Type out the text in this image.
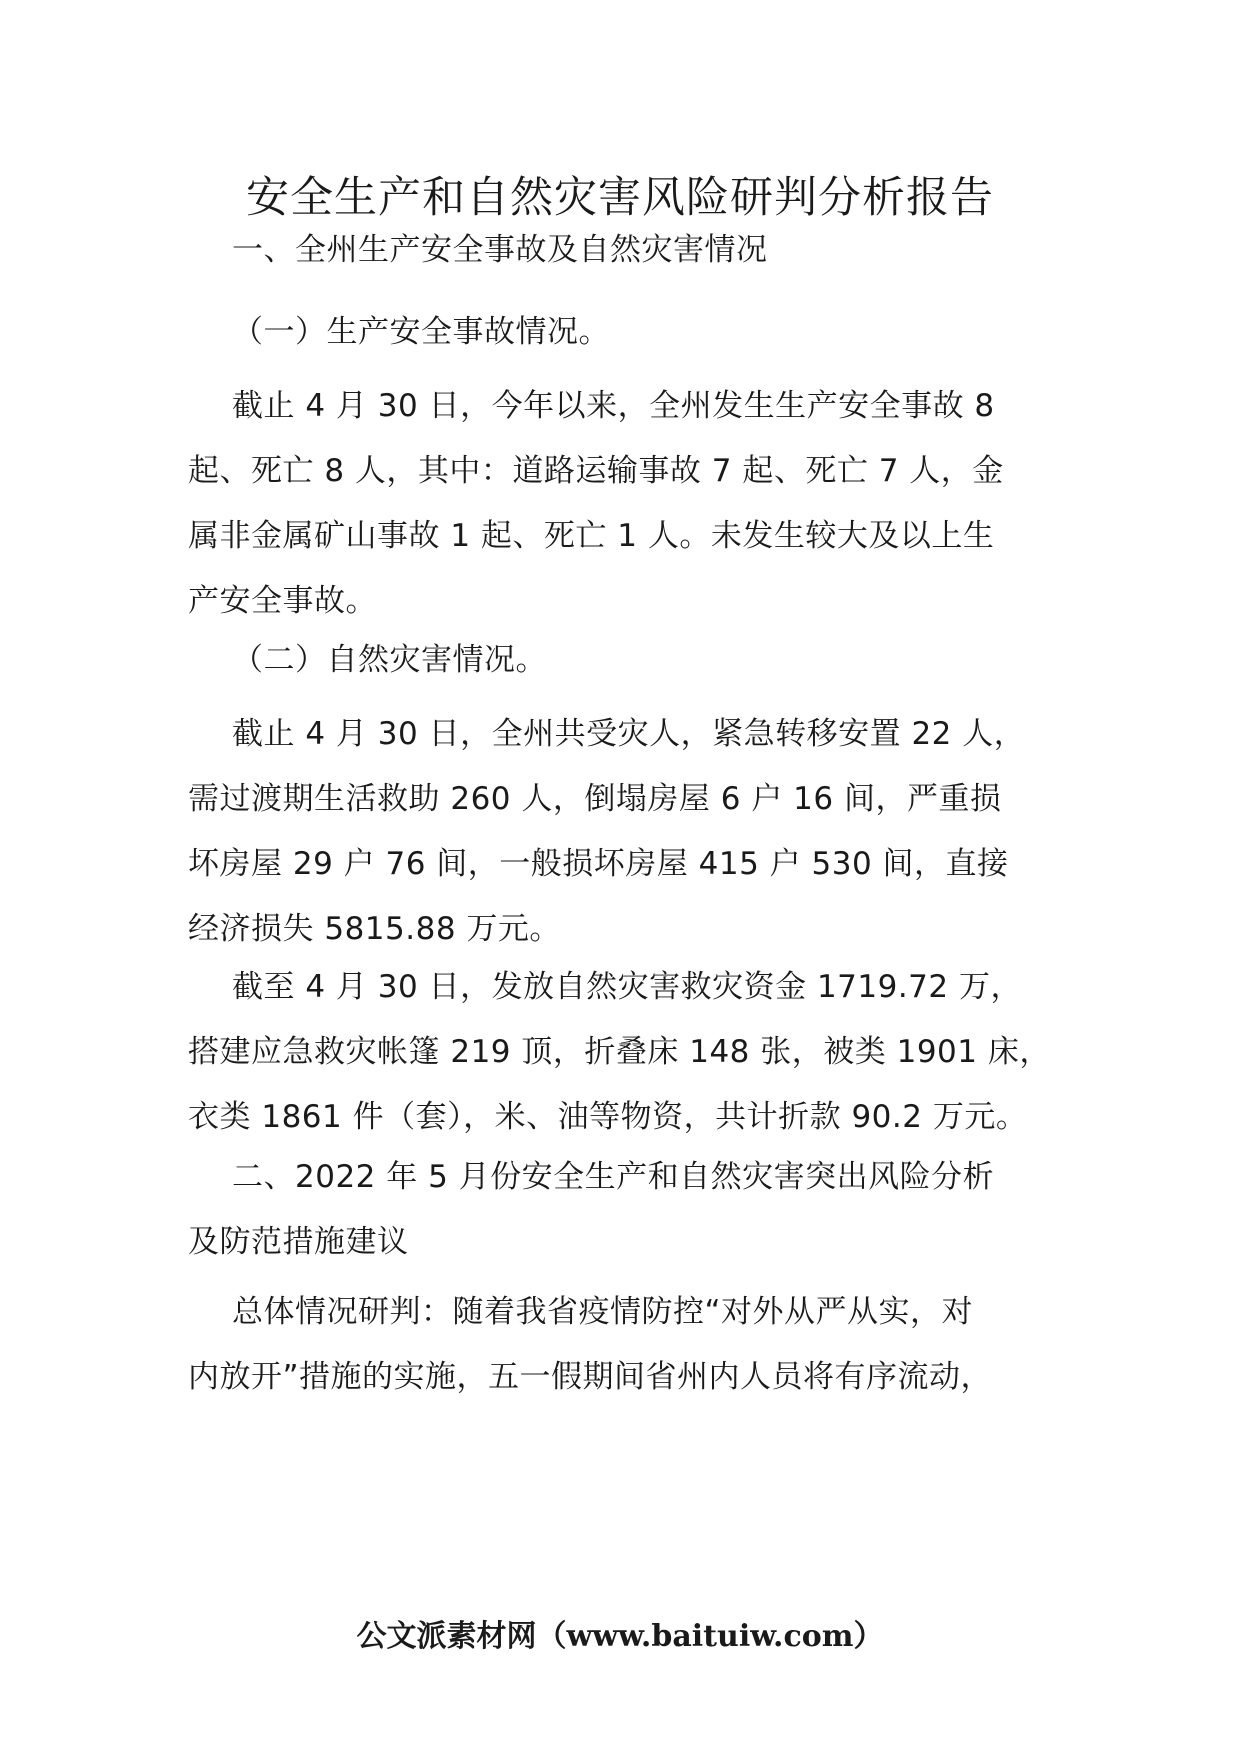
安全生产和自然灾害风险研判分析报告
一、全州生产安全事故及自然灾害情况
（一）生产安全事故情况。
截止 4 月 30 日，今年以来，全州发生生产安全事故 8
起、死亡 8 人，其中：道路运输事故 7 起、死亡 7 人，金
属非金属矿山事故 1 起、死亡 1 人。未发生较大及以上生
产安全事故。
（二）自然灾害情况。
截止 4 月 30 日，全州共受灾人，紧急转移安置 22 人，
需过渡期生活救助 260 人，倒塌房屋 6 户 16 间，严重损
坏房屋 29 户 76 间，一般损坏房屋 415 户 530 间，直接
经济损失 5815.88 万元。
截至 4 月 30 日，发放自然灾害救灾资金 1719.72 万，
搭建应急救灾帐篷 219 顶，折叠床 148 张，被类 1901 床，
衣类 1861 件（套），米、油等物资，共计折款 90.2 万元。
二、2022 年 5 月份安全生产和自然灾害突出风险分析
及防范措施建议
总体情况研判：随着我省疫情防控“对外从严从实，对
内放开”措施的实施，五一假期间省州内人员将有序流动，
公文派素材网（www.baituiw.com）
